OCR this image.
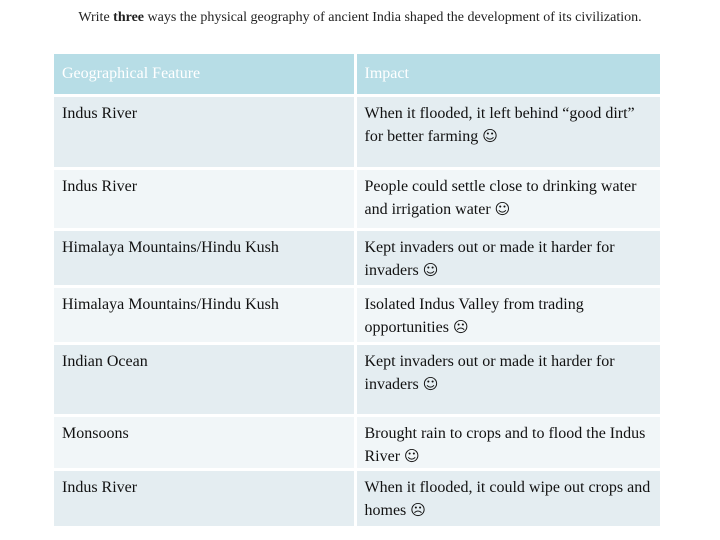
Write three ways the physical geography of ancient India shaped the development of its civilization.
Geographical Feature	Impact
Indus River	When it flooded, it left behind “good dirt” for better farming ☺
Indus River	People could settle close to drinking water and irrigation water ☺
Himalaya Mountains/Hindu Kush	Kept invaders out or made it harder for invaders ☺
Himalaya Mountains/Hindu Kush	Isolated Indus Valley from trading opportunities ☹
Indian Ocean	Kept invaders out or made it harder for invaders ☺
Monsoons	Brought rain to crops and to flood the Indus River ☺
Indus River	When it flooded, it could wipe out crops and homes ☹
